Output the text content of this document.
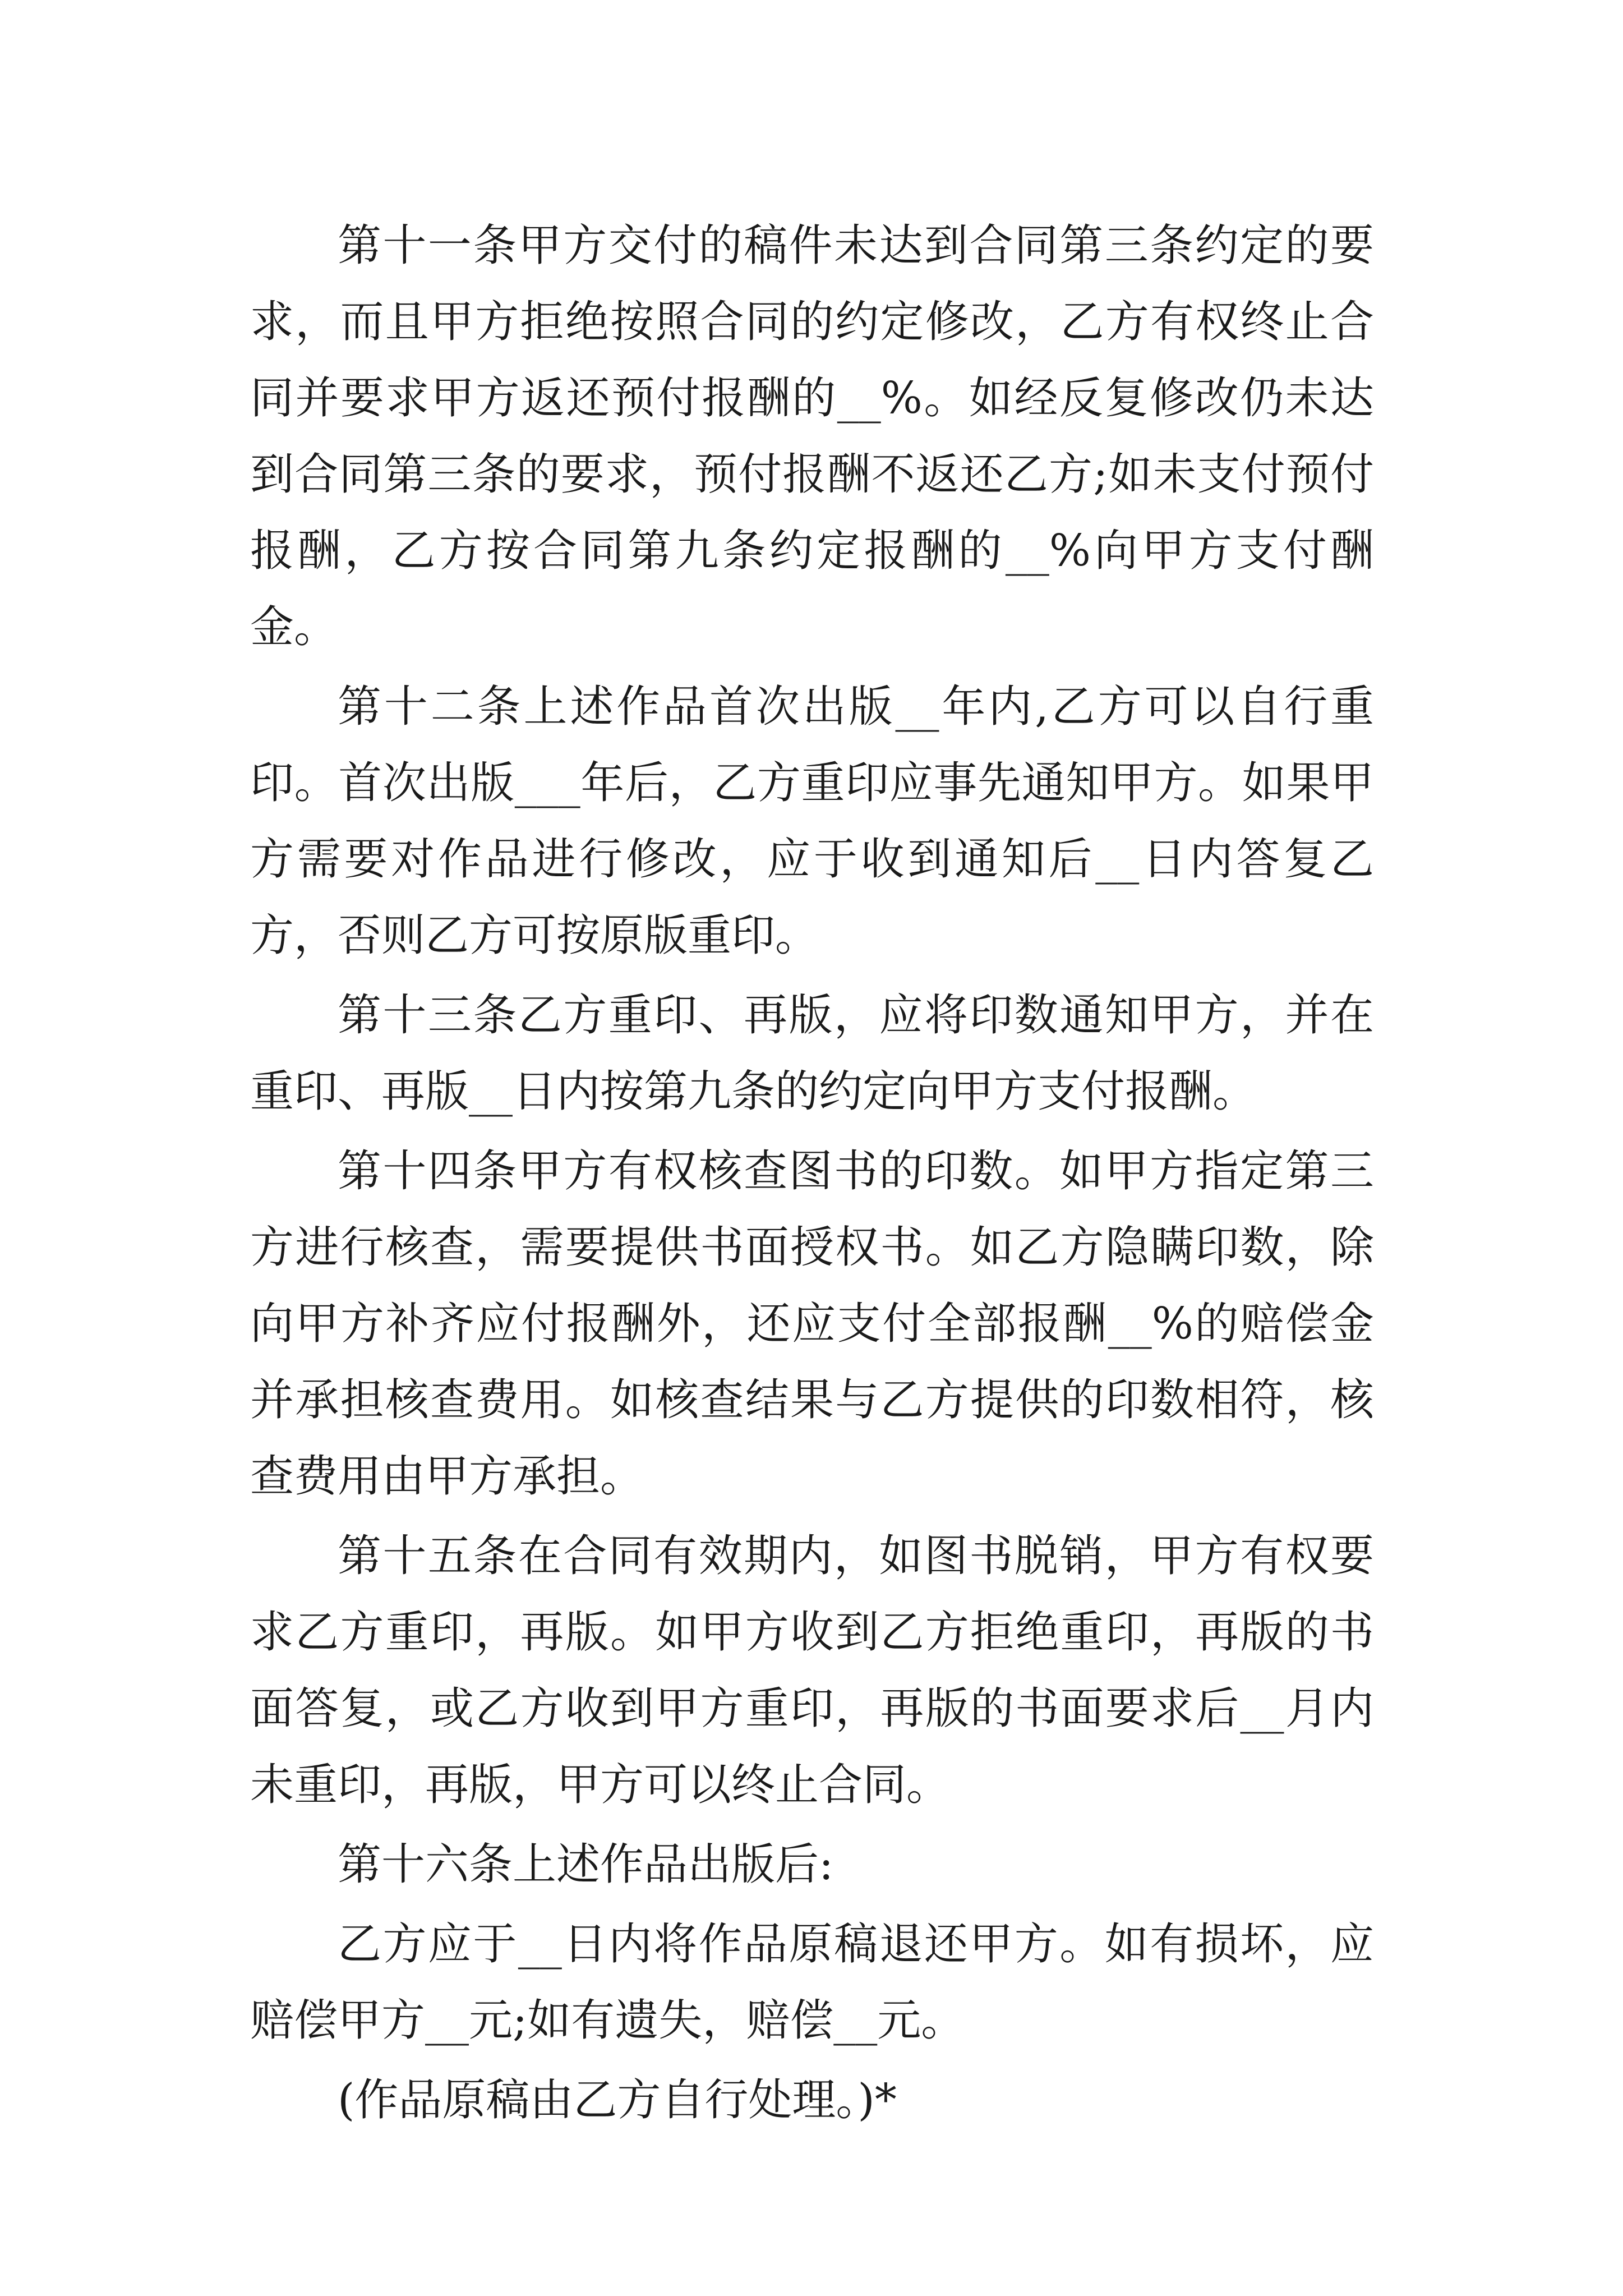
第十一条甲方交付的稿件未达到合同第三条约定的要求，而且甲方拒绝按照合同的约定修改，乙方有权终止合同并要求甲方返还预付报酬的__%。如经反复修改仍未达到合同第三条的要求，预付报酬不返还乙方;如未支付预付报酬，乙方按合同第九条约定报酬的__%向甲方支付酬金。

第十二条上述作品首次出版__年内,乙方可以自行重印。首次出版___年后，乙方重印应事先通知甲方。如果甲方需要对作品进行修改，应于收到通知后__日内答复乙方，否则乙方可按原版重印。

第十三条乙方重印、再版，应将印数通知甲方，并在重印、再版__日内按第九条的约定向甲方支付报酬。

第十四条甲方有权核查图书的印数。如甲方指定第三方进行核查，需要提供书面授权书。如乙方隐瞒印数，除向甲方补齐应付报酬外，还应支付全部报酬__%的赔偿金并承担核查费用。如核查结果与乙方提供的印数相符，核查费用由甲方承担。

第十五条在合同有效期内，如图书脱销，甲方有权要求乙方重印，再版。如甲方收到乙方拒绝重印，再版的书面答复，或乙方收到甲方重印，再版的书面要求后__月内未重印，再版，甲方可以终止合同。

第十六条上述作品出版后:

乙方应于__日内将作品原稿退还甲方。如有损坏，应赔偿甲方__元;如有遗失，赔偿__元。

(作品原稿由乙方自行处理。)*
